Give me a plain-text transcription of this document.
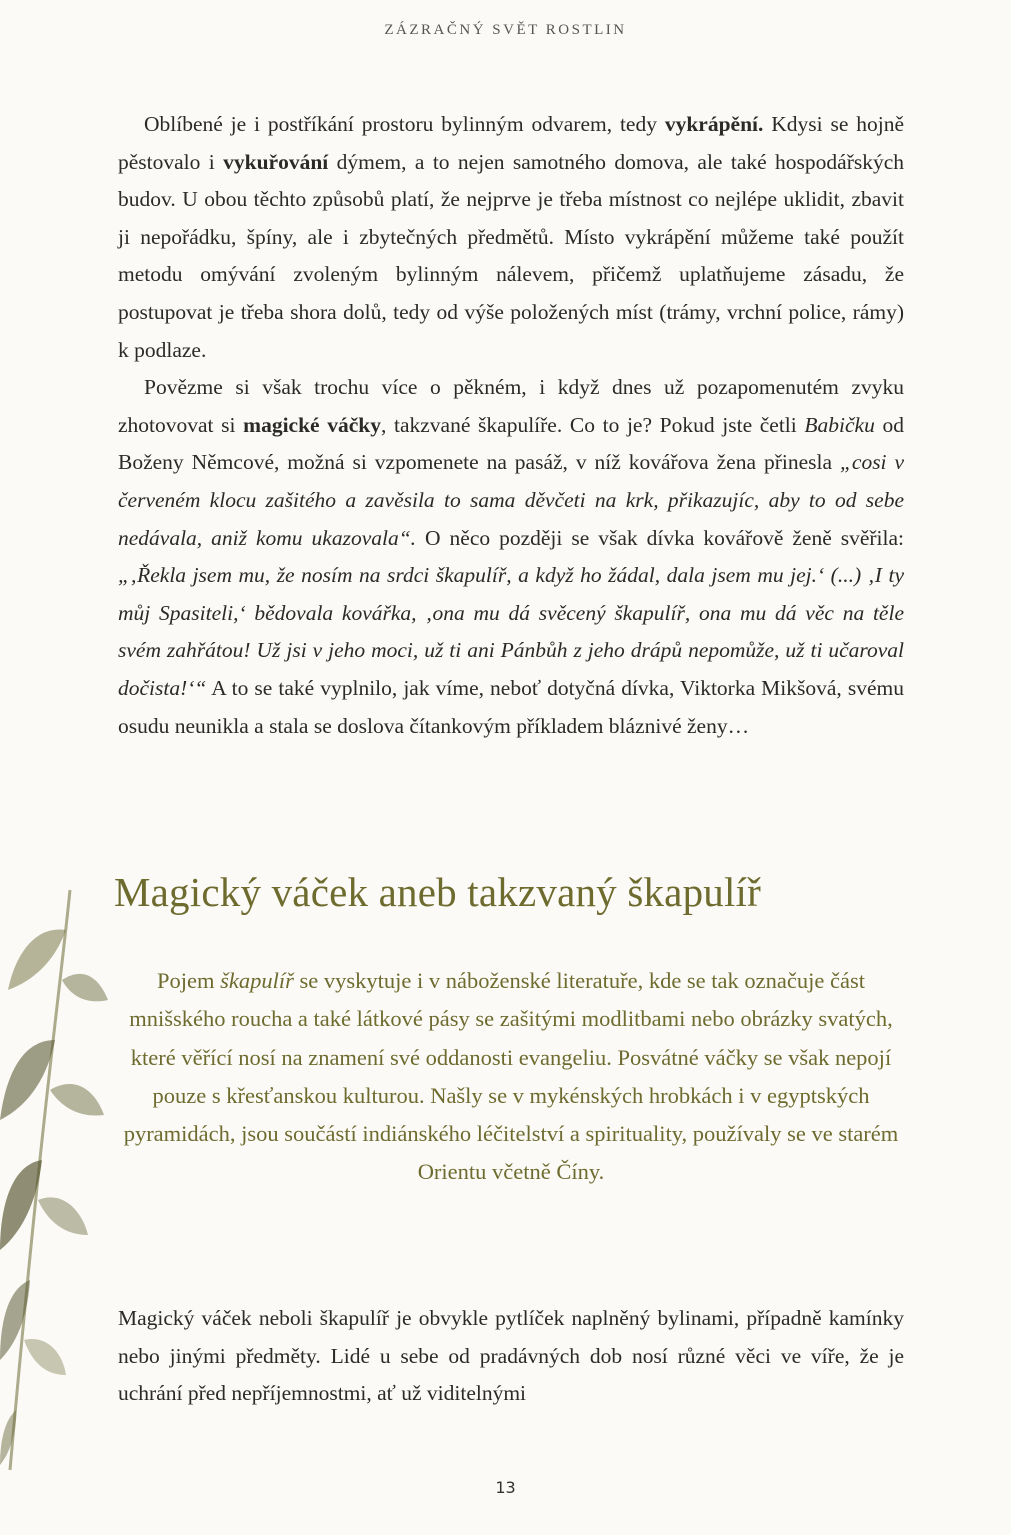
ZÁZRAČNÝ SVĚT ROSTLIN

Oblíbené je i postříkání prostoru bylinným odvarem, tedy vykrápění. Kdysi se hojně pěstovalo i vykuřování dýmem, a to nejen samotného domova, ale také hospodářských budov. U obou těchto způsobů platí, že nejprve je třeba místnost co nejlépe uklidit, zbavit ji nepořádku, špíny, ale i zbytečných předmětů. Místo vykrápění můžeme také použít metodu omývání zvoleným bylinným nálevem, přičemž uplatňujeme zásadu, že postupovat je třeba shora dolů, tedy od výše položených míst (trámy, vrchní police, rámy) k podlaze.

Povězme si však trochu více o pěkném, i když dnes už pozapomenutém zvyku zhotovovat si magické váčky, takzvané škapulíře. Co to je? Pokud jste četli Babičku od Boženy Němcové, možná si vzpomenete na pasáž, v níž kovářova žena přinesla „cosi v červeném klocu zašitého a zavěsila to sama děvčeti na krk, přikazujíc, aby to od sebe nedávala, aniž komu ukazovala“. O něco později se však dívka kovářově ženě svěřila: „‚Řekla jsem mu, že nosím na srdci škapulíř, a když ho žádal, dala jsem mu jej.‘ (...) ‚I ty můj Spasiteli,‘ bědovala kovářka, ‚ona mu dá svěcený škapulíř, ona mu dá věc na těle svém zahřátou! Už jsi v jeho moci, už ti ani Pánbůh z jeho drápů nepomůže, už ti učaroval dočista!‘“ A to se také vyplnilo, jak víme, neboť dotyčná dívka, Viktorka Mikšová, svému osudu neunikla a stala se doslova čítankovým příkladem bláznivé ženy…

Magický váček aneb takzvaný škapulíř

Pojem škapulíř se vyskytuje i v náboženské literatuře, kde se tak označuje část mnišského roucha a také látkové pásy se zašitými modlitbami nebo obrázky svatých, které věřící nosí na znamení své oddanosti evangeliu. Posvátné váčky se však nepojí pouze s křesťanskou kulturou. Našly se v mykénských hrobkách i v egyptských pyramidách, jsou součástí indiánského léčitelství a spirituality, používaly se ve starém Orientu včetně Číny.

Magický váček neboli škapulíř je obvykle pytlíček naplněný bylinami, případně kamínky nebo jinými předměty. Lidé u sebe od pradávných dob nosí různé věci ve víře, že je uchrání před nepříjemnostmi, ať už viditelnými

13
